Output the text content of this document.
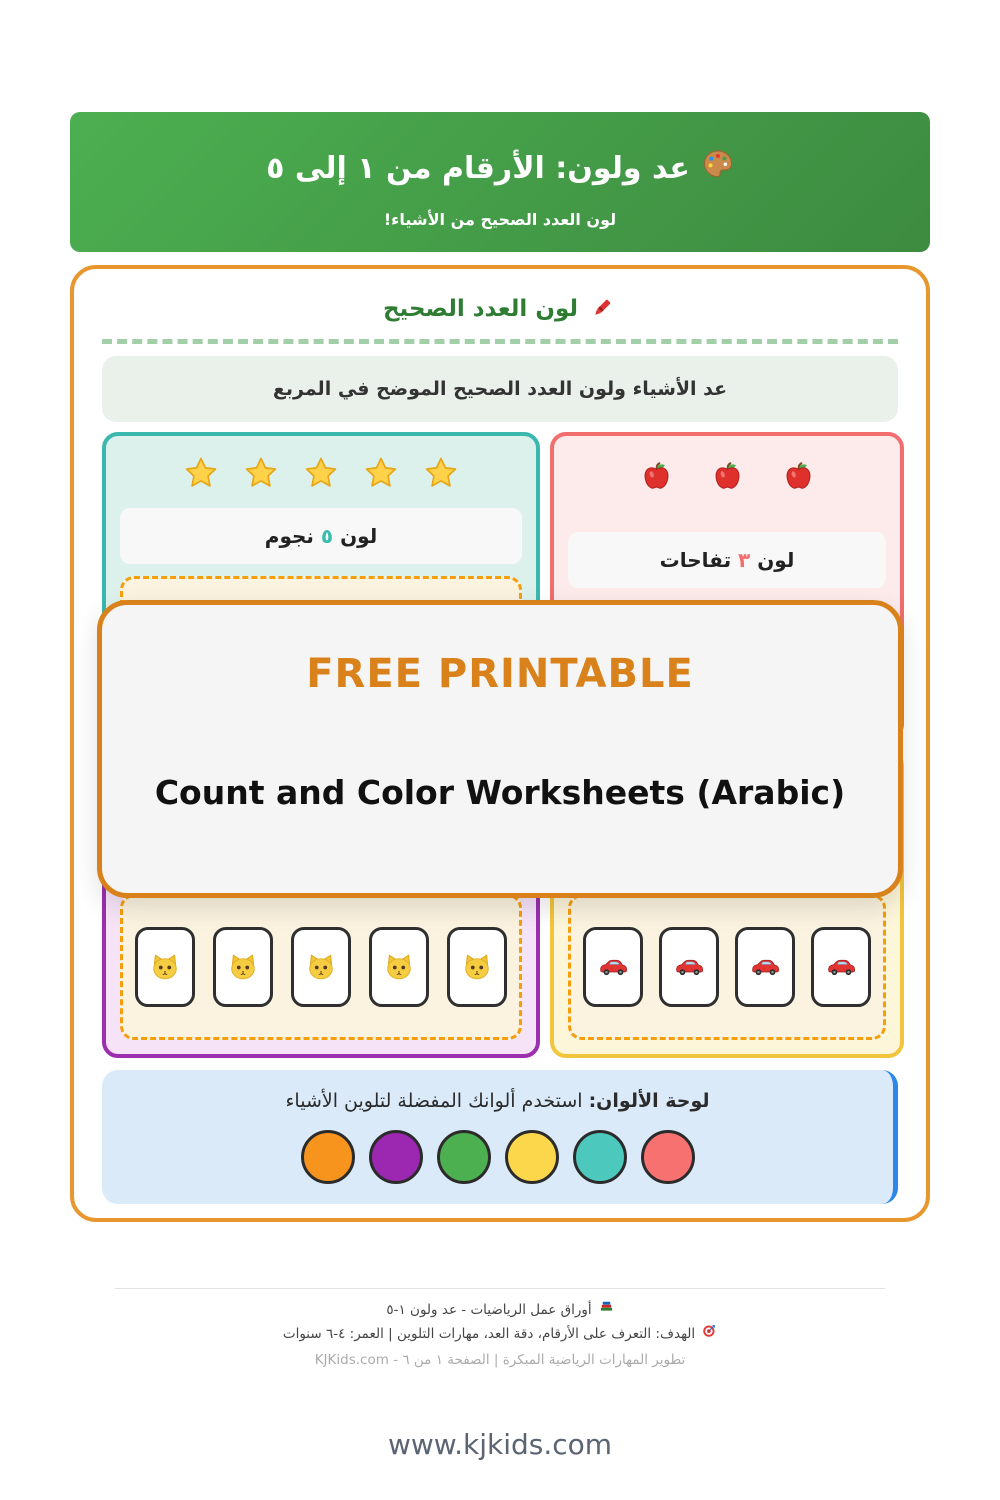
عد ولون: الأرقام من ١ إلى ٥
لون العدد الصحيح من الأشياء!
لون العدد الصحيح
عد الأشياء ولون العدد الصحيح الموضح في المربع
لون ٥ نجوم
لون ٣ تفاحات
لوحة الألوان: استخدم ألوانك المفضلة لتلوين الأشياء
FREE PRINTABLE
Count and Color Worksheets (Arabic)
أوراق عمل الرياضيات - عد ولون ١-٥
الهدف: التعرف على الأرقام، دقة العد، مهارات التلوين | العمر: ٤-٦ سنوات
KJKids.com - تطوير المهارات الرياضية المبكرة | الصفحة ١ من ٦
www.kjkids.com
